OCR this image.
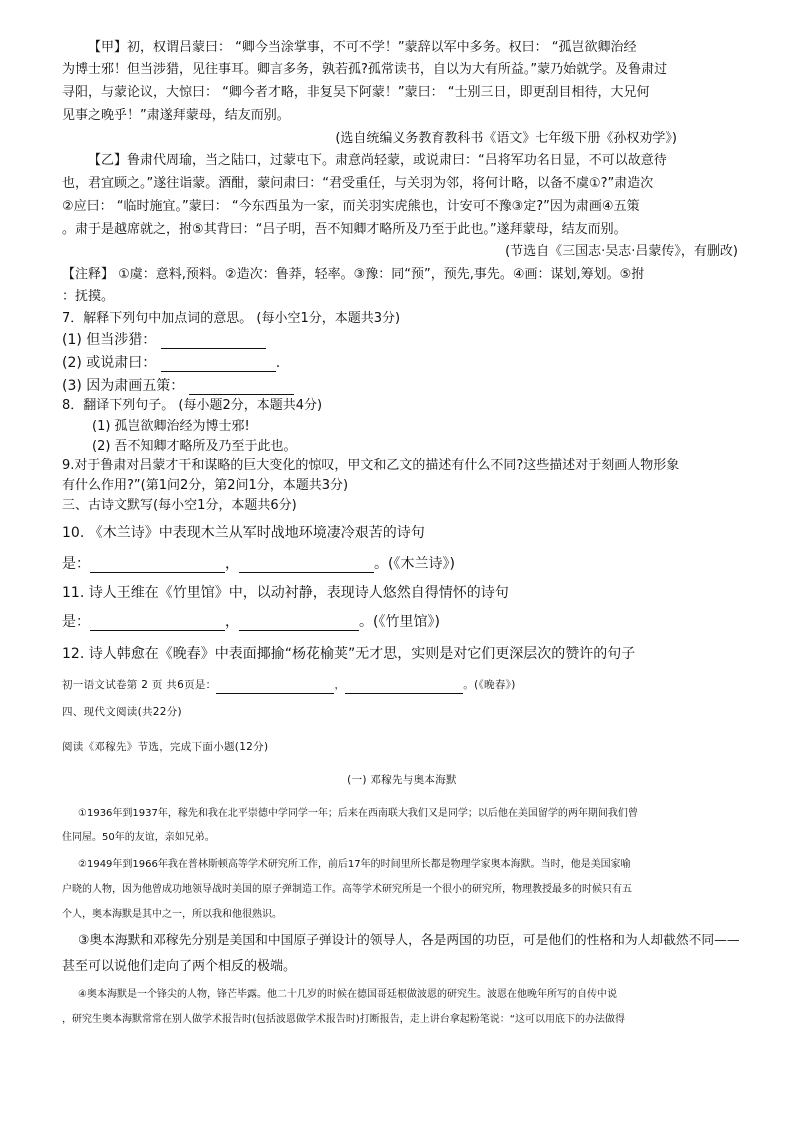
【甲】初，权谓吕蒙曰： “卿今当涂掌事，不可不学！”蒙辞以军中多务。权曰： “孤岂欲卿治经
为博士邪！但当涉猎，见往事耳。卿言多务，孰若孤?孤常读书，自以为大有所益。”蒙乃始就学。及鲁肃过
寻阳，与蒙论议，大惊曰： “卿今者才略，非复吴下阿蒙！”蒙曰： “士别三日，即更刮目相待，大兄何
见事之晚乎！”肃遂拜蒙母，结友而别。
(选自统编义务教育教科书《语文》七年级下册《孙权劝学》)
【乙】鲁肃代周瑜，当之陆口，过蒙屯下。肃意尚轻蒙，或说肃曰：“吕将军功名日显，不可以故意待
也，君宜顾之。”遂往诣蒙。酒酣，蒙问肃曰：“君受重任，与关羽为邻，将何计略，以备不虞①?”肃造次
②应曰： “临时施宜。”蒙曰： “今东西虽为一家，而关羽实虎熊也，计安可不豫③定?”因为肃画④五策
。肃于是越席就之，拊⑤其背曰：“吕子明，吾不知卿才略所及乃至于此也。”遂拜蒙母，结友而别。
(节选自《三国志·吴志·吕蒙传》，有删改)
【注释】 ①虞：意料,预料。②造次：鲁莽，轻率。③豫：同“预”，预先,事先。④画：谋划,筹划。⑤拊
：抚摸。
7．解释下列句中加点词的意思。 (每小空1分，本题共3分)
(1) 但当涉猎：
(2) 或说肃曰：	.
(3) 因为肃画五策：
8．翻译下列句子。 (每小题2分，本题共4分)
(1) 孤岂欲卿治经为博士邪!
(2) 吾不知卿才略所及乃至于此也。
9.对于鲁肃对吕蒙才干和谋略的巨大变化的惊叹，甲文和乙文的描述有什么不同?这些描述对于刻画人物形象
有什么作用?”(第1问2分，第2问1分，本题共3分)
三、古诗文默写(每小空1分，本题共6分)
10. 《木兰诗》中表现木兰从军时战地环境凄冷艰苦的诗句
是：	，	。(《木兰诗》)
11. 诗人王维在《竹里馆》中，以动衬静，表现诗人悠然自得情怀的诗句
是：	，	。(《竹里馆》)
12. 诗人韩愈在《晚春》中表面揶揄“杨花榆荚”无才思，实则是对它们更深层次的赞许的句子
初一语文试卷第 2 页 共6页是：	，	。(《晚春》)
四、现代文阅读(共22分)
阅读《邓稼先》节选，完成下面小题(12分)
(一) 邓稼先与奥本海默
①1936年到1937年，稼先和我在北平崇德中学同学一年；后来在西南联大我们又是同学；以后他在美国留学的两年期间我们曾
住同屋。50年的友谊，亲如兄弟。
②1949年到1966年我在普林斯顿高等学术研究所工作，前后17年的时间里所长都是物理学家奥本海默。当时，他是美国家喻
户晓的人物，因为他曾成功地领导战时美国的原子弹制造工作。高等学术研究所是一个很小的研究所，物理教授最多的时候只有五
个人，奥本海默是其中之一，所以我和他很熟识。
③奥本海默和邓稼先分别是美国和中国原子弹设计的领导人，各是两国的功臣，可是他们的性格和为人却截然不同——
甚至可以说他们走向了两个相反的极端。
④奥本海默是一个锋尖的人物，锋芒毕露。他二十几岁的时候在德国哥廷根做波恩的研究生。波恩在他晚年所写的自传中说
，研究生奥本海默常常在别人做学术报告时(包括波恩做学术报告时)打断报告，走上讲台拿起粉笔说：“这可以用底下的办法做得
